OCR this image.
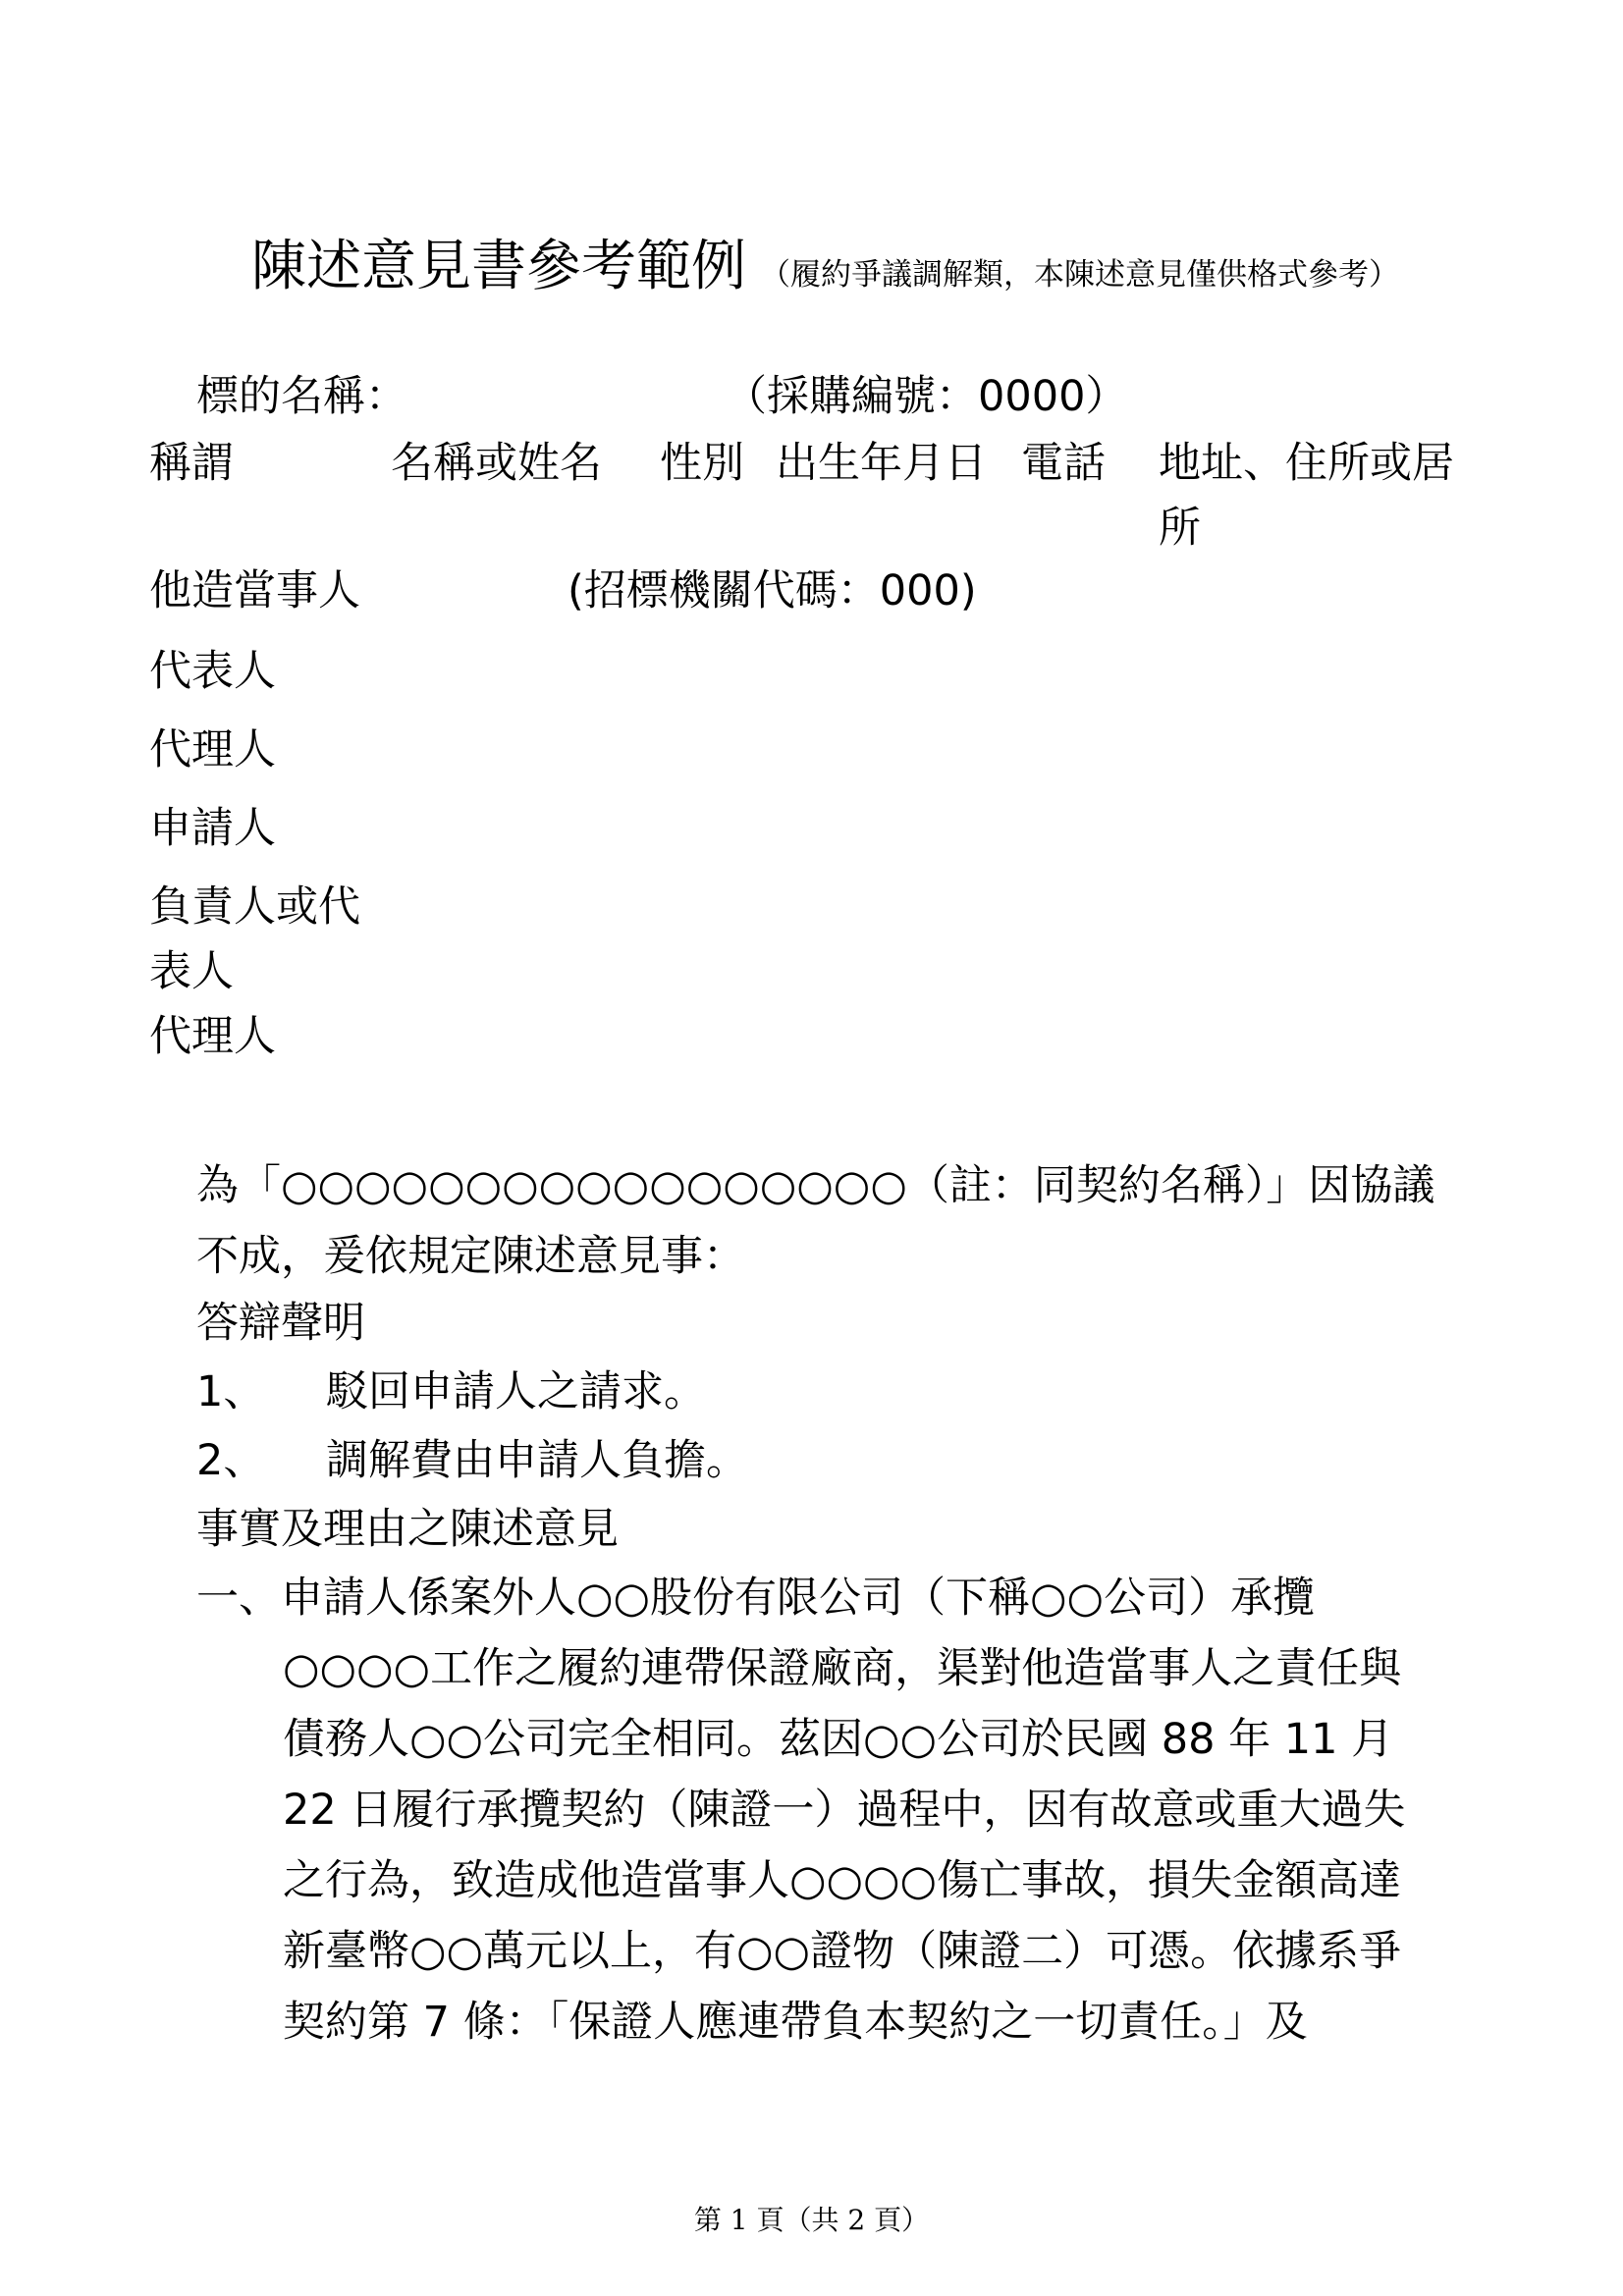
陳述意見書參考範例 （履約爭議調解類，本陳述意見僅供格式參考）
標的名稱：	（採購編號：0000）
稱謂	名稱或姓名 性別 出生年月日 電話 地址、住所或居
所
他造當事人	(招標機關代碼：000)
代表人
代理人
申請人
負責人或代
表人
代理人
為「○○○○○○○○○○○○○○○○○（註：同契約名稱）」因協議不成，爰依規定陳述意見事：
答辯聲明
1、 駁回申請人之請求。
2、 調解費由申請人負擔。
事實及理由之陳述意見
一、申請人係案外人○○股份有限公司（下稱○○公司）承攬○○○○工作之履約連帶保證廠商，渠對他造當事人之責任與債務人○○公司完全相同。茲因○○公司於民國 88 年 11 月 22 日履行承攬契約（陳證一）過程中，因有故意或重大過失之行為，致造成他造當事人○○○○傷亡事故，損失金額高達新臺幣○○萬元以上，有○○證物（陳證二）可憑。依據系爭契約第 7 條：「保證人應連帶負本契約之一切責任。」及
第 1 頁（共 2 頁）
